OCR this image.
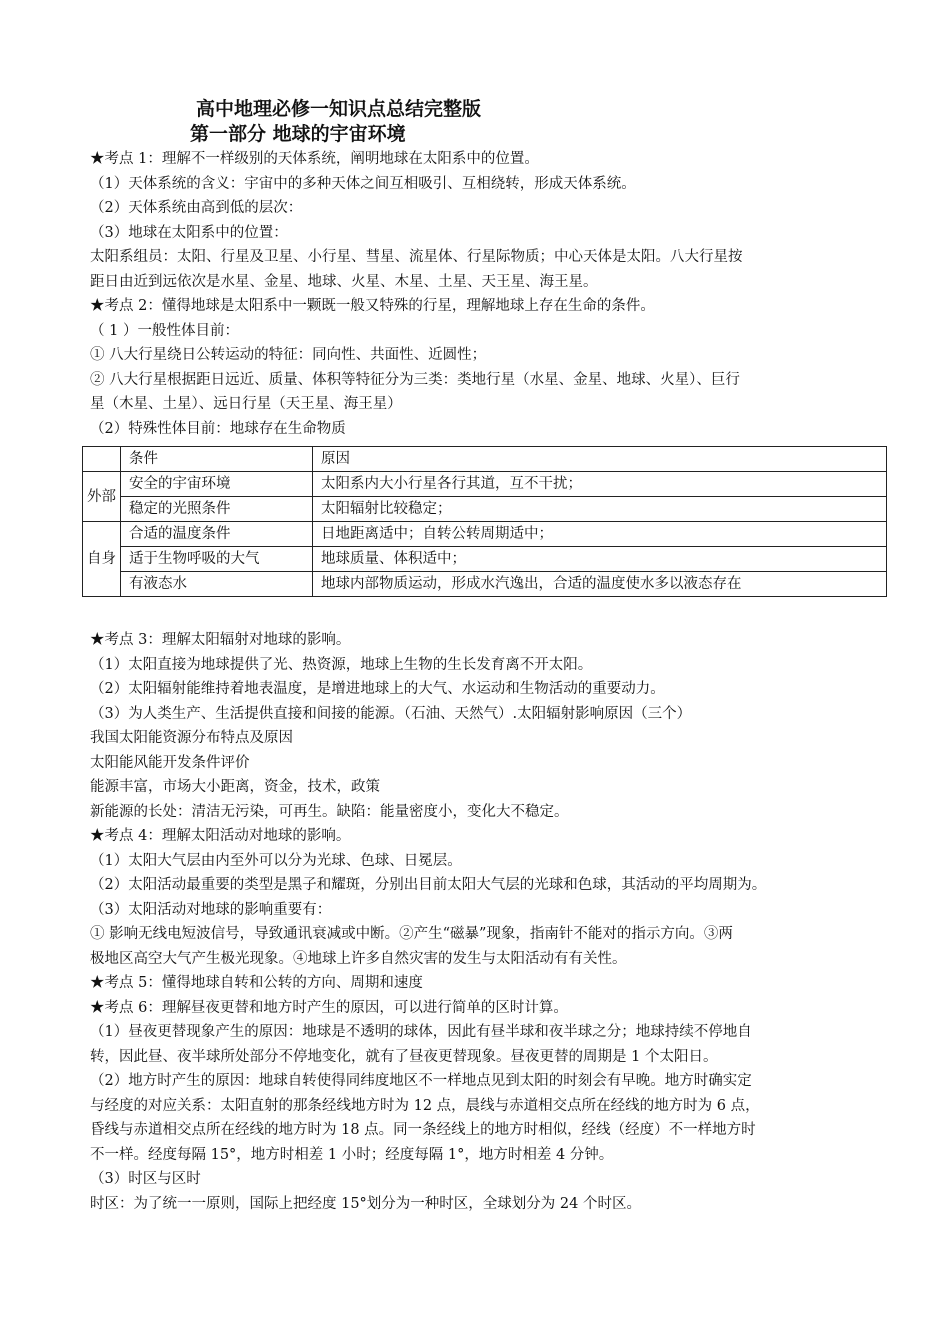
高中地理必修一知识点总结完整版
第一部分 地球的宇宙环境

★考点 1：理解不一样级别的天体系统，阐明地球在太阳系中的位置。

（1）天体系统的含义：宇宙中的多种天体之间互相吸引、互相绕转，形成天体系统。

（2）天体系统由高到低的层次：

（3）地球在太阳系中的位置：

太阳系组员：太阳、行星及卫星、小行星、彗星、流星体、行星际物质；中心天体是太阳。八大行星按

距日由近到远依次是水星、金星、地球、火星、木星、土星、天王星、海王星。

★考点 2：懂得地球是太阳系中一颗既一般又特殊的行星，理解地球上存在生命的条件。

（ 1 ）一般性体目前：

① 八大行星绕日公转运动的特征：同向性、共面性、近圆性；

② 八大行星根据距日远近、质量、体积等特征分为三类：类地行星（水星、金星、地球、火星）、巨行

星（木星、土星）、远日行星（天王星、海王星）

（2）特殊性体目前：地球存在生命物质

	条件	原因
外部	安全的宇宙环境	太阳系内大小行星各行其道，互不干扰；
	稳定的光照条件	太阳辐射比较稳定；
自身	合适的温度条件	日地距离适中；自转公转周期适中；
	适于生物呼吸的大气	地球质量、体积适中；
	有液态水	地球内部物质运动，形成水汽逸出，合适的温度使水多以液态存在

★考点 3：理解太阳辐射对地球的影响。

（1）太阳直接为地球提供了光、热资源，地球上生物的生长发育离不开太阳。

（2）太阳辐射能维持着地表温度，是增进地球上的大气、水运动和生物活动的重要动力。

（3）为人类生产、生活提供直接和间接的能源。（石油、天然气）.太阳辐射影响原因（三个）

我国太阳能资源分布特点及原因

太阳能风能开发条件评价

能源丰富，市场大小距离，资金，技术，政策

新能源的长处：清洁无污染，可再生。缺陷：能量密度小，变化大不稳定。

★考点 4：理解太阳活动对地球的影响。

（1）太阳大气层由内至外可以分为光球、色球、日冕层。

（2）太阳活动最重要的类型是黑子和耀斑，分别出目前太阳大气层的光球和色球，其活动的平均周期为。

（3）太阳活动对地球的影响重要有：

① 影响无线电短波信号，导致通讯衰减或中断。②产生“磁暴”现象，指南针不能对的指示方向。③两

极地区高空大气产生极光现象。④地球上许多自然灾害的发生与太阳活动有有关性。

★考点 5：懂得地球自转和公转的方向、周期和速度

★考点 6：理解昼夜更替和地方时产生的原因，可以进行简单的区时计算。

（1）昼夜更替现象产生的原因：地球是不透明的球体，因此有昼半球和夜半球之分；地球持续不停地自

转，因此昼、夜半球所处部分不停地变化，就有了昼夜更替现象。昼夜更替的周期是 1 个太阳日。

（2）地方时产生的原因：地球自转使得同纬度地区不一样地点见到太阳的时刻会有早晚。地方时确实定

与经度的对应关系：太阳直射的那条经线地方时为 12 点，晨线与赤道相交点所在经线的地方时为 6 点，

昏线与赤道相交点所在经线的地方时为 18 点。同一条经线上的地方时相似，经线（经度）不一样地方时

不一样。经度每隔 15°，地方时相差 1 小时；经度每隔 1°，地方时相差 4 分钟。

（3）时区与区时

时区：为了统一一原则，国际上把经度 15°划分为一种时区，全球划分为 24 个时区。
